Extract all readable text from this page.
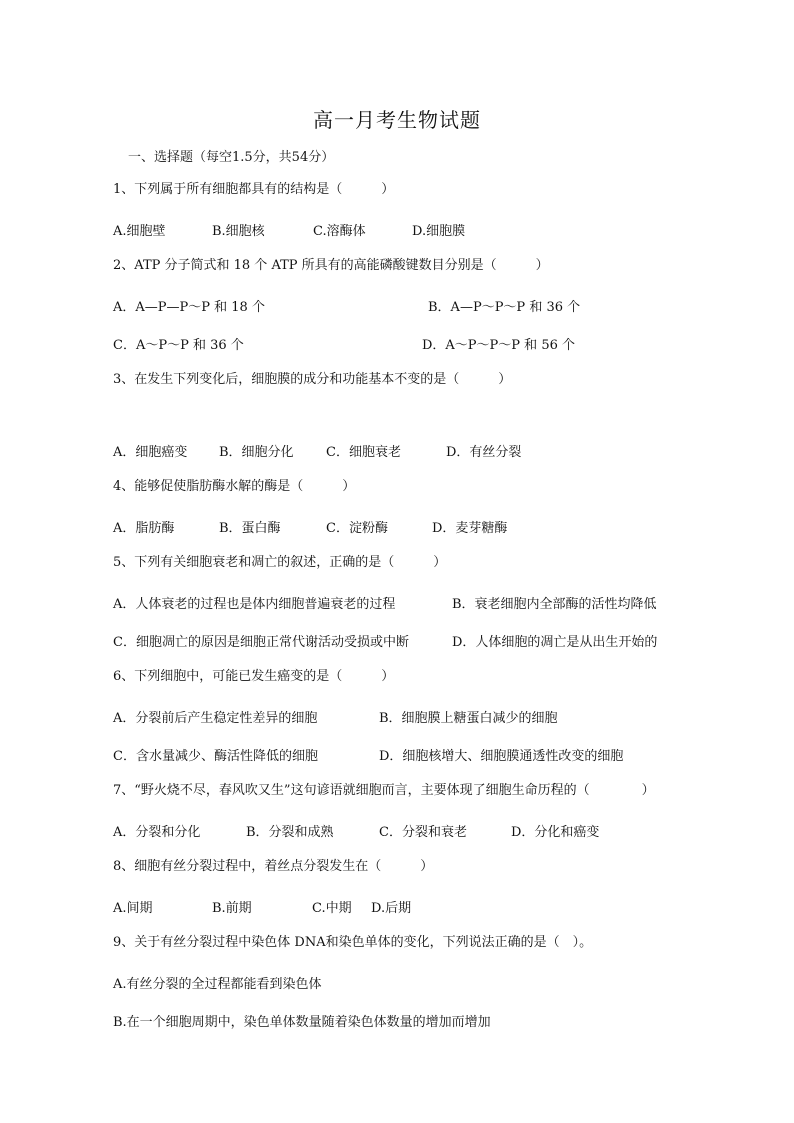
高一月考生物试题
一、选择题（每空1.5分，共54分）
1、下列属于所有细胞都具有的结构是（　　　）
A.细胞壁	B.细胞核	C.溶酶体	D.细胞膜
2、ATP 分子简式和 18 个 ATP 所具有的高能磷酸键数目分别是（　　　）
A．A—P—P～P 和 18 个	B．A—P～P～P 和 36 个
C．A～P～P 和 36 个	D．A～P～P～P 和 56 个
3、在发生下列变化后，细胞膜的成分和功能基本不变的是（　　　）
A．细胞癌变 B．细胞分化 C．细胞衰老	D．有丝分裂
4、能够促使脂肪酶水解的酶是（　　　）
A．脂肪酶	B．蛋白酶	C．淀粉酶	D．麦芽糖酶
5、下列有关细胞衰老和凋亡的叙述，正确的是（　　　）
A．人体衰老的过程也是体内细胞普遍衰老的过程	B．衰老细胞内全部酶的活性均降低
C．细胞凋亡的原因是细胞正常代谢活动受损或中断	D．人体细胞的凋亡是从出生开始的
6、下列细胞中，可能已发生癌变的是（　　　）
A．分裂前后产生稳定性差异的细胞	B．细胞膜上糖蛋白减少的细胞
C．含水量减少、酶活性降低的细胞	D．细胞核增大、细胞膜通透性改变的细胞
7、“野火烧不尽，春风吹又生”这句谚语就细胞而言，主要体现了细胞生命历程的（　　　　）
A．分裂和分化	B．分裂和成熟	C．分裂和衰老	D．分化和癌变
8、细胞有丝分裂过程中，着丝点分裂发生在（　　　）
A.间期	B.前期	C.中期 D.后期
9、关于有丝分裂过程中染色体 DNA和染色单体的变化，下列说法正确的是（　）。
A.有丝分裂的全过程都能看到染色体
B.在一个细胞周期中，染色单体数量随着染色体数量的增加而增加
